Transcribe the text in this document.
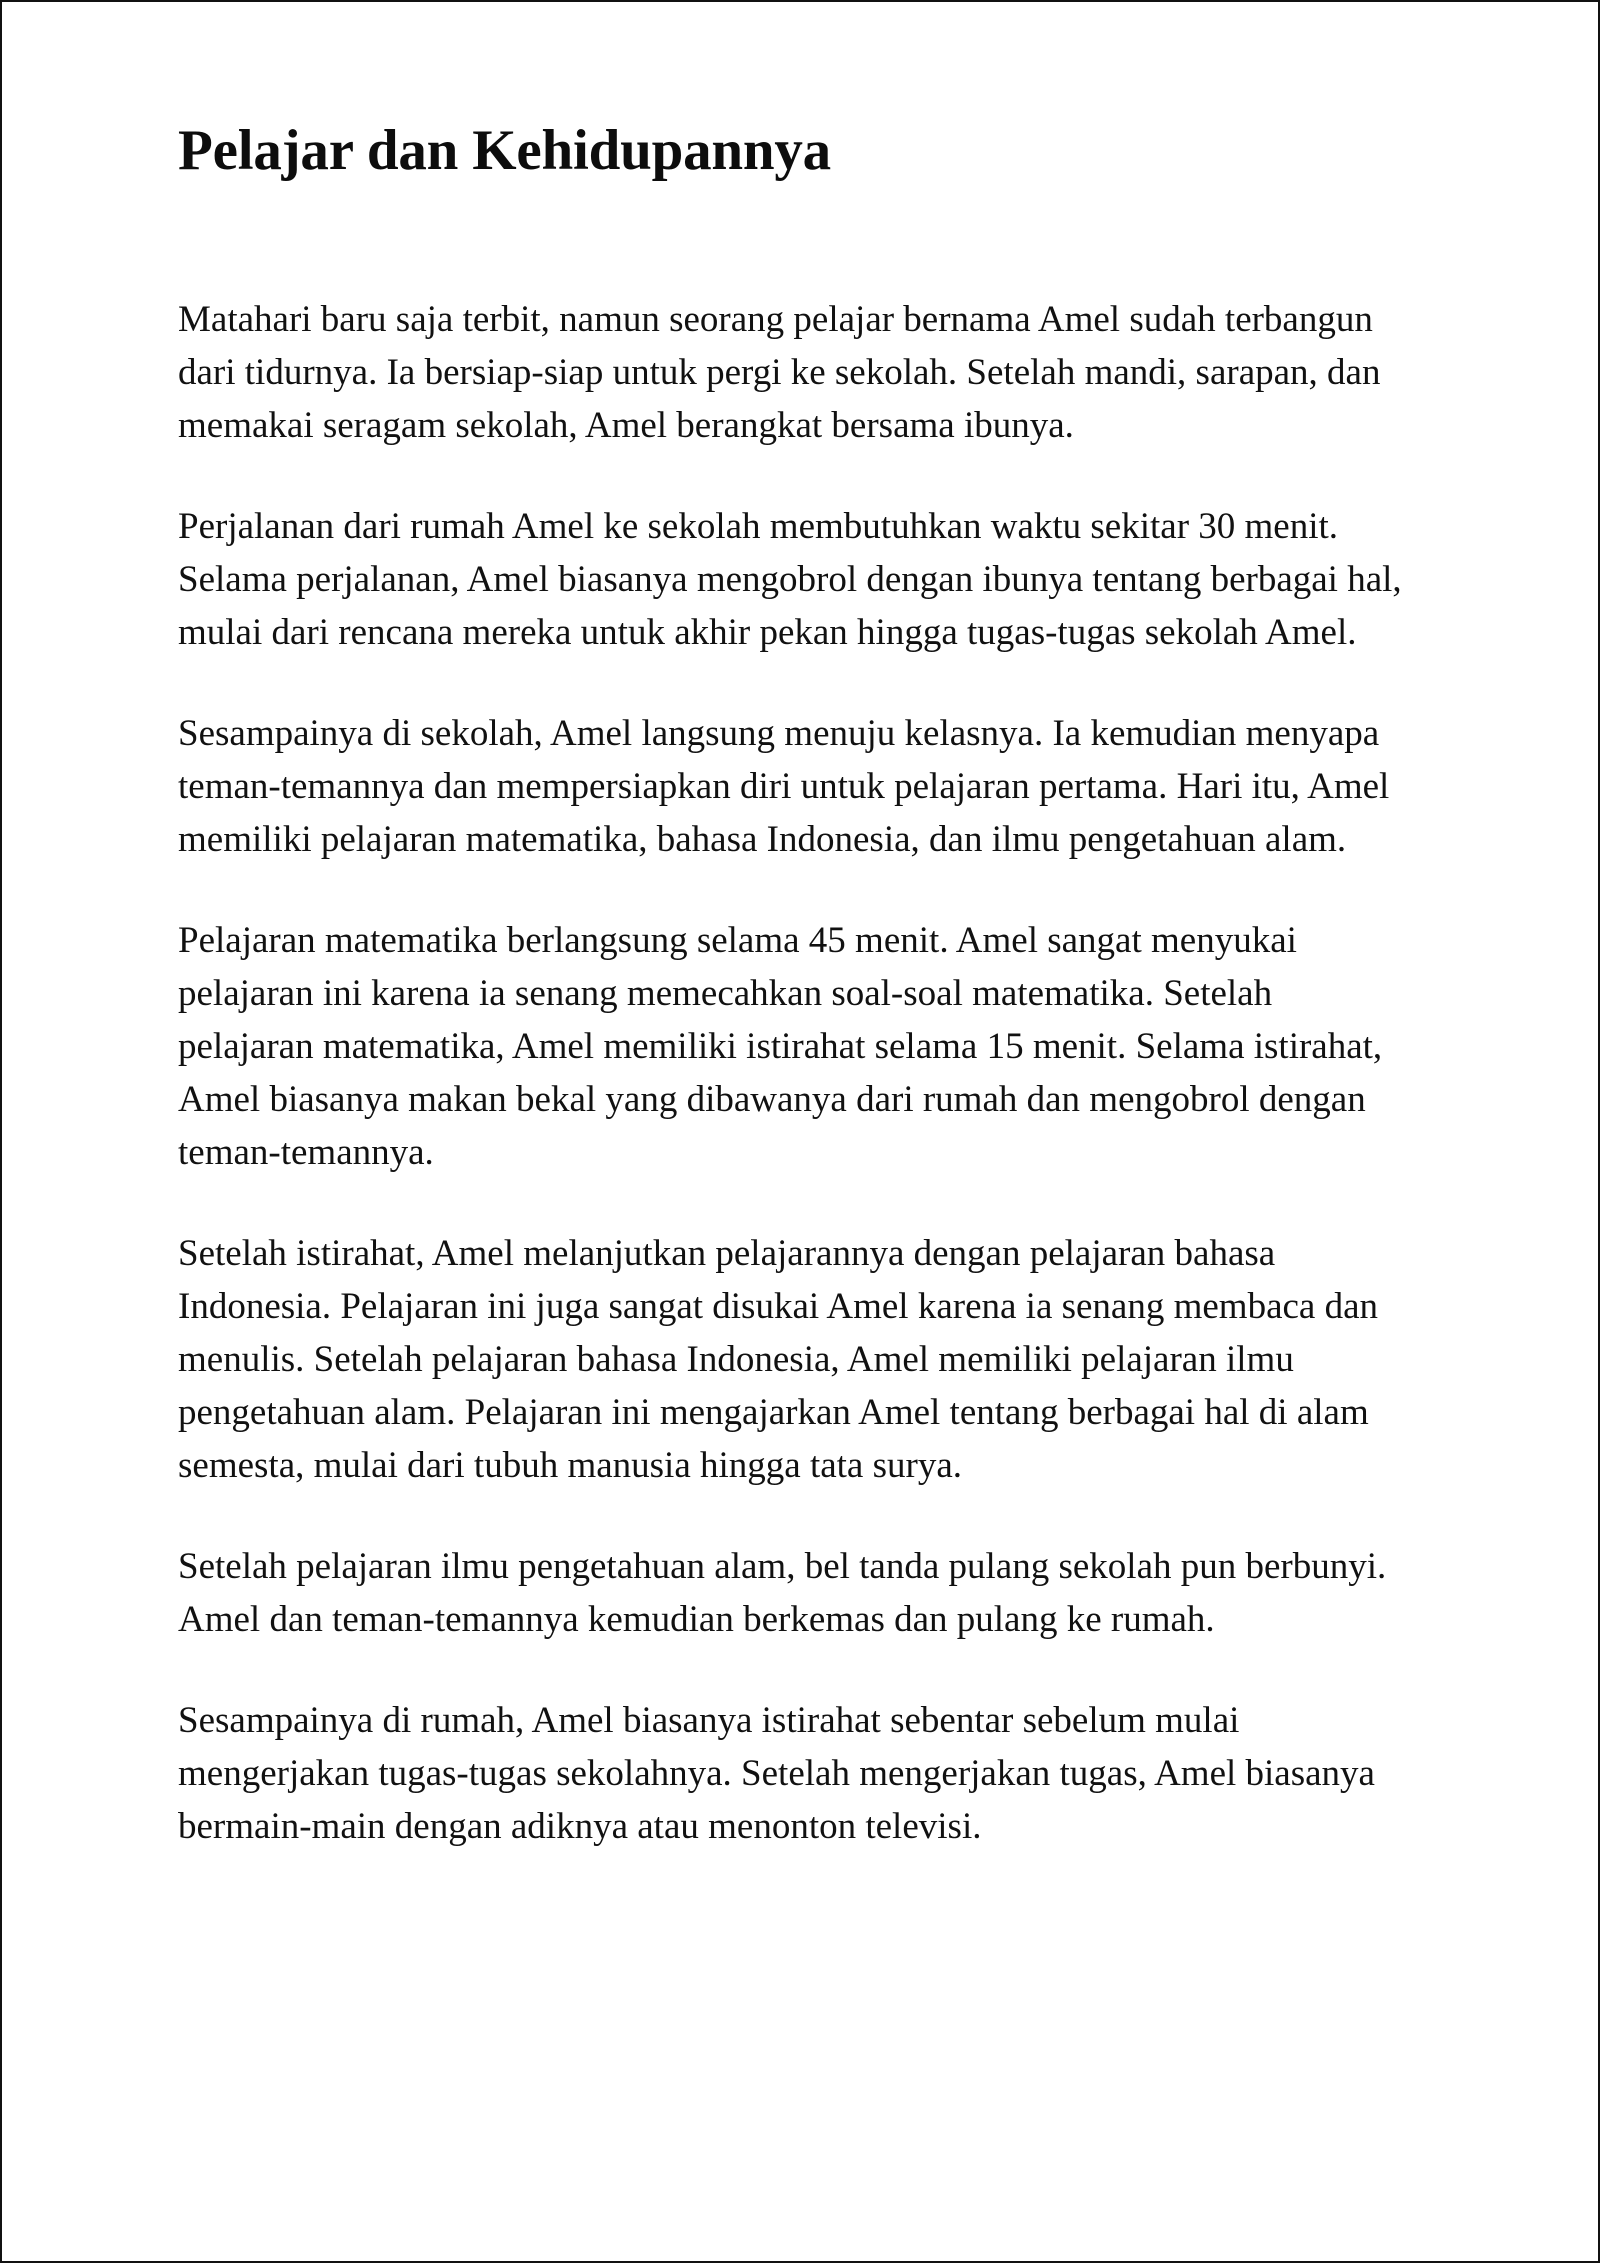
Pelajar dan Kehidupannya

Matahari baru saja terbit, namun seorang pelajar bernama Amel sudah terbangun dari tidurnya. Ia bersiap-siap untuk pergi ke sekolah. Setelah mandi, sarapan, dan memakai seragam sekolah, Amel berangkat bersama ibunya.

Perjalanan dari rumah Amel ke sekolah membutuhkan waktu sekitar 30 menit. Selama perjalanan, Amel biasanya mengobrol dengan ibunya tentang berbagai hal, mulai dari rencana mereka untuk akhir pekan hingga tugas-tugas sekolah Amel.

Sesampainya di sekolah, Amel langsung menuju kelasnya. Ia kemudian menyapa teman-temannya dan mempersiapkan diri untuk pelajaran pertama. Hari itu, Amel memiliki pelajaran matematika, bahasa Indonesia, dan ilmu pengetahuan alam.

Pelajaran matematika berlangsung selama 45 menit. Amel sangat menyukai pelajaran ini karena ia senang memecahkan soal-soal matematika. Setelah pelajaran matematika, Amel memiliki istirahat selama 15 menit. Selama istirahat, Amel biasanya makan bekal yang dibawanya dari rumah dan mengobrol dengan teman-temannya.

Setelah istirahat, Amel melanjutkan pelajarannya dengan pelajaran bahasa Indonesia. Pelajaran ini juga sangat disukai Amel karena ia senang membaca dan menulis. Setelah pelajaran bahasa Indonesia, Amel memiliki pelajaran ilmu pengetahuan alam. Pelajaran ini mengajarkan Amel tentang berbagai hal di alam semesta, mulai dari tubuh manusia hingga tata surya.

Setelah pelajaran ilmu pengetahuan alam, bel tanda pulang sekolah pun berbunyi. Amel dan teman-temannya kemudian berkemas dan pulang ke rumah.

Sesampainya di rumah, Amel biasanya istirahat sebentar sebelum mulai mengerjakan tugas-tugas sekolahnya. Setelah mengerjakan tugas, Amel biasanya bermain-main dengan adiknya atau menonton televisi.
